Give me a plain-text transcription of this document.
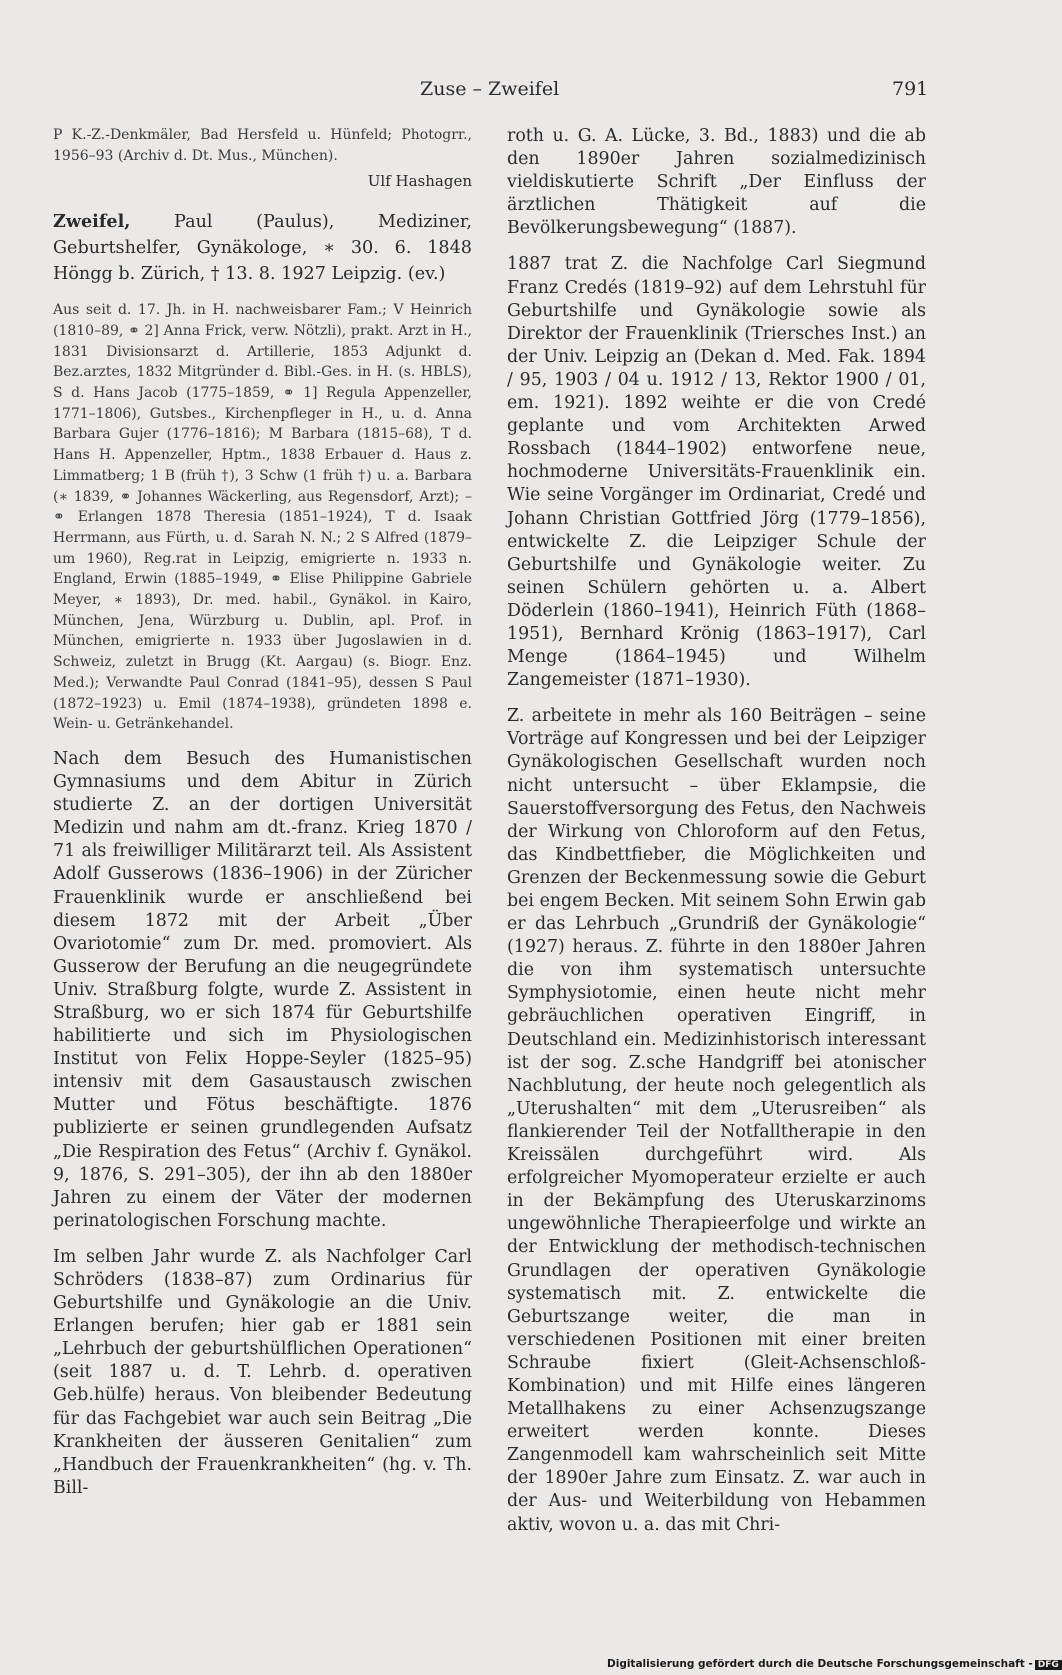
Zuse – Zweifel	791

P K.-Z.-Denkmäler, Bad Hersfeld u. Hünfeld; Photogrr., 1956–93 (Archiv d. Dt. Mus., München).

Ulf Hashagen

Zweifel, Paul (Paulus), Mediziner, Geburtshelfer, Gynäkologe, ∗ 30. 6. 1848 Höngg b. Zürich, † 13. 8. 1927 Leipzig. (ev.)

Aus seit d. 17. Jh. in H. nachweisbarer Fam.; V Heinrich (1810–89, ⚭ 2] Anna Frick, verw. Nötzli), prakt. Arzt in H., 1831 Divisionsarzt d. Artillerie, 1853 Adjunkt d. Bez.arztes, 1832 Mitgründer d. Bibl.-Ges. in H. (s. HBLS), S d. Hans Jacob (1775–1859, ⚭ 1] Regula Appenzeller, 1771–1806), Gutsbes., Kirchenpfleger in H., u. d. Anna Barbara Gujer (1776–1816); M Barbara (1815–68), T d. Hans H. Appenzeller, Hptm., 1838 Erbauer d. Haus z. Limmatberg; 1 B (früh †), 3 Schw (1 früh †) u. a. Barbara (∗ 1839, ⚭ Johannes Wäckerling, aus Regensdorf, Arzt); – ⚭ Erlangen 1878 Theresia (1851–1924), T d. Isaak Herrmann, aus Fürth, u. d. Sarah N. N.; 2 S Alfred (1879–um 1960), Reg.rat in Leipzig, emigrierte n. 1933 n. England, Erwin (1885–1949, ⚭ Elise Philippine Gabriele Meyer, ∗ 1893), Dr. med. habil., Gynäkol. in Kairo, München, Jena, Würzburg u. Dublin, apl. Prof. in München, emigrierte n. 1933 über Jugoslawien in d. Schweiz, zuletzt in Brugg (Kt. Aargau) (s. Biogr. Enz. Med.); Verwandte Paul Conrad (1841–95), dessen S Paul (1872–1923) u. Emil (1874–1938), gründeten 1898 e. Wein- u. Getränkehandel.

Nach dem Besuch des Humanistischen Gymnasiums und dem Abitur in Zürich studierte Z. an der dortigen Universität Medizin und nahm am dt.-franz. Krieg 1870 / 71 als freiwilliger Militärarzt teil. Als Assistent Adolf Gusserows (1836–1906) in der Züricher Frauenklinik wurde er anschließend bei diesem 1872 mit der Arbeit „Über Ovariotomie“ zum Dr. med. promoviert. Als Gusserow der Berufung an die neugegründete Univ. Straßburg folgte, wurde Z. Assistent in Straßburg, wo er sich 1874 für Geburtshilfe habilitierte und sich im Physiologischen Institut von Felix Hoppe-Seyler (1825–95) intensiv mit dem Gasaustausch zwischen Mutter und Fötus beschäftigte. 1876 publizierte er seinen grundlegenden Aufsatz „Die Respiration des Fetus“ (Archiv f. Gynäkol. 9, 1876, S. 291–305), der ihn ab den 1880er Jahren zu einem der Väter der modernen perinatologischen Forschung machte.

Im selben Jahr wurde Z. als Nachfolger Carl Schröders (1838–87) zum Ordinarius für Geburtshilfe und Gynäkologie an die Univ. Erlangen berufen; hier gab er 1881 sein „Lehrbuch der geburtshülflichen Operationen“ (seit 1887 u. d. T. Lehrb. d. operativen Geb.hülfe) heraus. Von bleibender Bedeutung für das Fachgebiet war auch sein Beitrag „Die Krankheiten der äusseren Genitalien“ zum „Handbuch der Frauenkrankheiten“ (hg. v. Th. Bill-

roth u. G. A. Lücke, 3. Bd., 1883) und die ab den 1890er Jahren sozialmedizinisch vieldiskutierte Schrift „Der Einfluss der ärztlichen Thätigkeit auf die Bevölkerungsbewegung“ (1887).

1887 trat Z. die Nachfolge Carl Siegmund Franz Credés (1819–92) auf dem Lehrstuhl für Geburtshilfe und Gynäkologie sowie als Direktor der Frauenklinik (Triersches Inst.) an der Univ. Leipzig an (Dekan d. Med. Fak. 1894 / 95, 1903 / 04 u. 1912 / 13, Rektor 1900 / 01, em. 1921). 1892 weihte er die von Credé geplante und vom Architekten Arwed Rossbach (1844–1902) entworfene neue, hochmoderne Universitäts-Frauenklinik ein. Wie seine Vorgänger im Ordinariat, Credé und Johann Christian Gottfried Jörg (1779–1856), entwickelte Z. die Leipziger Schule der Geburtshilfe und Gynäkologie weiter. Zu seinen Schülern gehörten u. a. Albert Döderlein (1860–1941), Heinrich Füth (1868–1951), Bernhard Krönig (1863–1917), Carl Menge (1864–1945) und Wilhelm Zangemeister (1871–1930).

Z. arbeitete in mehr als 160 Beiträgen – seine Vorträge auf Kongressen und bei der Leipziger Gynäkologischen Gesellschaft wurden noch nicht untersucht – über Eklampsie, die Sauerstoffversorgung des Fetus, den Nachweis der Wirkung von Chloroform auf den Fetus, das Kindbettfieber, die Möglichkeiten und Grenzen der Beckenmessung sowie die Geburt bei engem Becken. Mit seinem Sohn Erwin gab er das Lehrbuch „Grundriß der Gynäkologie“ (1927) heraus. Z. führte in den 1880er Jahren die von ihm systematisch untersuchte Symphysiotomie, einen heute nicht mehr gebräuchlichen operativen Eingriff, in Deutschland ein. Medizinhistorisch interessant ist der sog. Z.sche Handgriff bei atonischer Nachblutung, der heute noch gelegentlich als „Uterushalten“ mit dem „Uterusreiben“ als flankierender Teil der Notfalltherapie in den Kreissälen durchgeführt wird. Als erfolgreicher Myomoperateur erzielte er auch in der Bekämpfung des Uteruskarzinoms ungewöhnliche Therapieerfolge und wirkte an der Entwicklung der methodisch-technischen Grundlagen der operativen Gynäkologie systematisch mit. Z. entwickelte die Geburtszange weiter, die man in verschiedenen Positionen mit einer breiten Schraube fixiert (Gleit-Achsenschloß-Kombination) und mit Hilfe eines längeren Metallhakens zu einer Achsenzugszange erweitert werden konnte. Dieses Zangenmodell kam wahrscheinlich seit Mitte der 1890er Jahre zum Einsatz. Z. war auch in der Aus- und Weiterbildung von Hebammen aktiv, wovon u. a. das mit Chri-

Digitalisierung gefördert durch die Deutsche Forschungsgemeinschaft - DFG
